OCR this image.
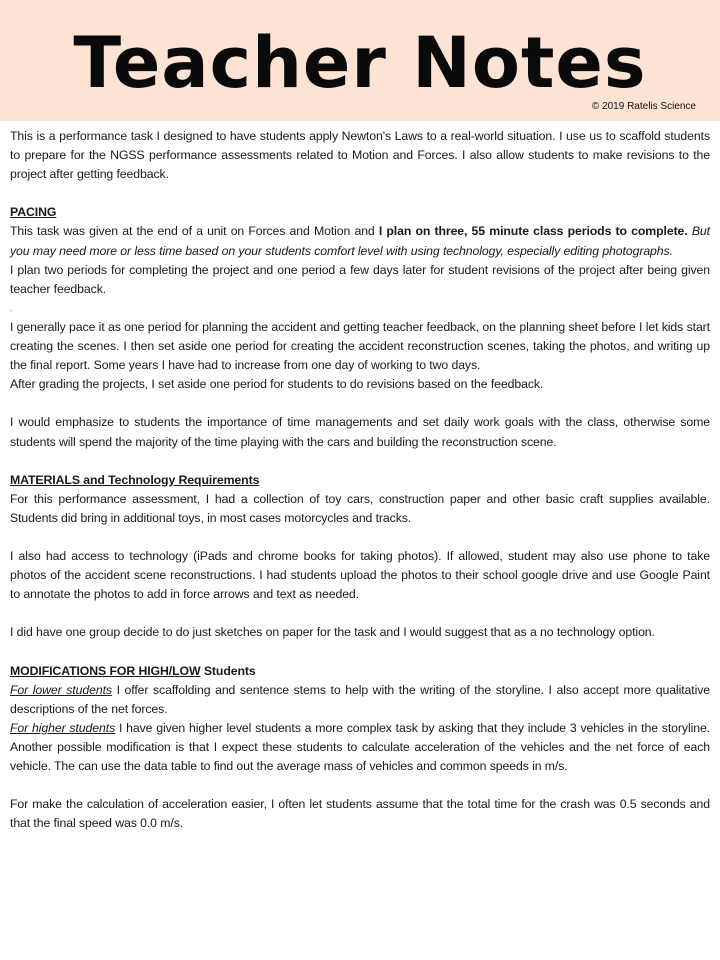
Teacher Notes
© 2019 Ratelis Science

This is a performance task I designed to have students apply Newton's Laws to a real-world situation. I use us to scaffold students to prepare for the NGSS performance assessments related to Motion and Forces. I also allow students to make revisions to the project after getting feedback.

PACING

This task was given at the end of a unit on Forces and Motion and I plan on three, 55 minute class periods to complete. But you may need more or less time based on your students comfort level with using technology, especially editing photographs.

I plan two periods for completing the project and one period a few days later for student revisions of the project after being given teacher feedback.

.

I generally pace it as one period for planning the accident and getting teacher feedback, on the planning sheet before I let kids start creating the scenes. I then set aside one period for creating the accident reconstruction scenes, taking the photos, and writing up the final report. Some years I have had to increase from one day of working to two days.

After grading the projects, I set aside one period for students to do revisions based on the feedback.

I would emphasize to students the importance of time managements and set daily work goals with the class, otherwise some students will spend the majority of the time playing with the cars and building the reconstruction scene.

MATERIALS and Technology Requirements

For this performance assessment, I had a collection of toy cars, construction paper and other basic craft supplies available. Students did bring in additional toys, in most cases motorcycles and tracks.

I also had access to technology (iPads and chrome books for taking photos). If allowed, student may also use phone to take photos of the accident scene reconstructions. I had students upload the photos to their school google drive and use Google Paint to annotate the photos to add in force arrows and text as needed.

I did have one group decide to do just sketches on paper for the task and I would suggest that as a no technology option.

MODIFICATIONS FOR HIGH/LOW Students

For lower students I offer scaffolding and sentence stems to help with the writing of the storyline. I also accept more qualitative descriptions of the net forces.

For higher students I have given higher level students a more complex task by asking that they include 3 vehicles in the storyline. Another possible modification is that I expect these students to calculate acceleration of the vehicles and the net force of each vehicle. The can use the data table to find out the average mass of vehicles and common speeds in m/s.

For make the calculation of acceleration easier, I often let students assume that the total time for the crash was 0.5 seconds and that the final speed was 0.0 m/s.
